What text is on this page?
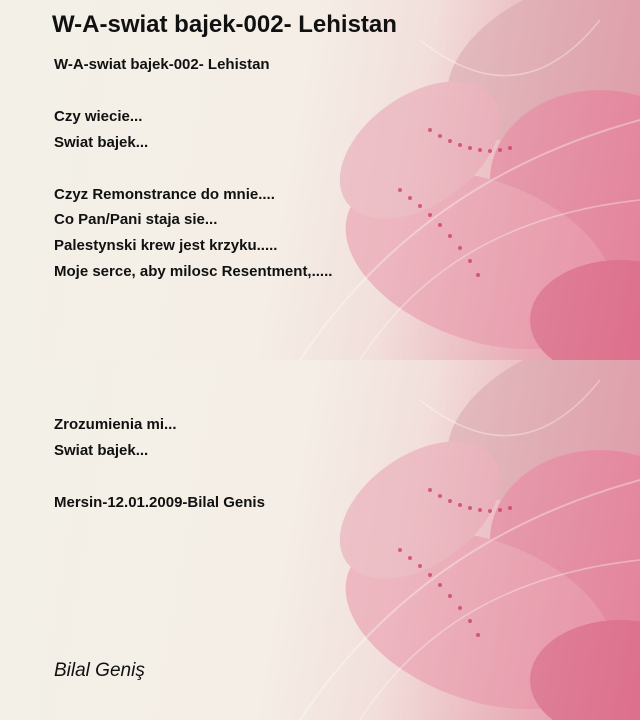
W-A-swiat bajek-002- Lehistan

W-A-swiat bajek-002- Lehistan

Czy wiecie...

Swiat bajek...

Czyz Remonstrance do mnie....

Co Pan/Pani staja sie...

Palestynski krew jest krzyku.....

Moje serce, aby milosc Resentment,.....

Zrozumienia mi...

Swiat bajek...

Mersin-12.01.2009-Bilal Genis

Bilal Geniş
